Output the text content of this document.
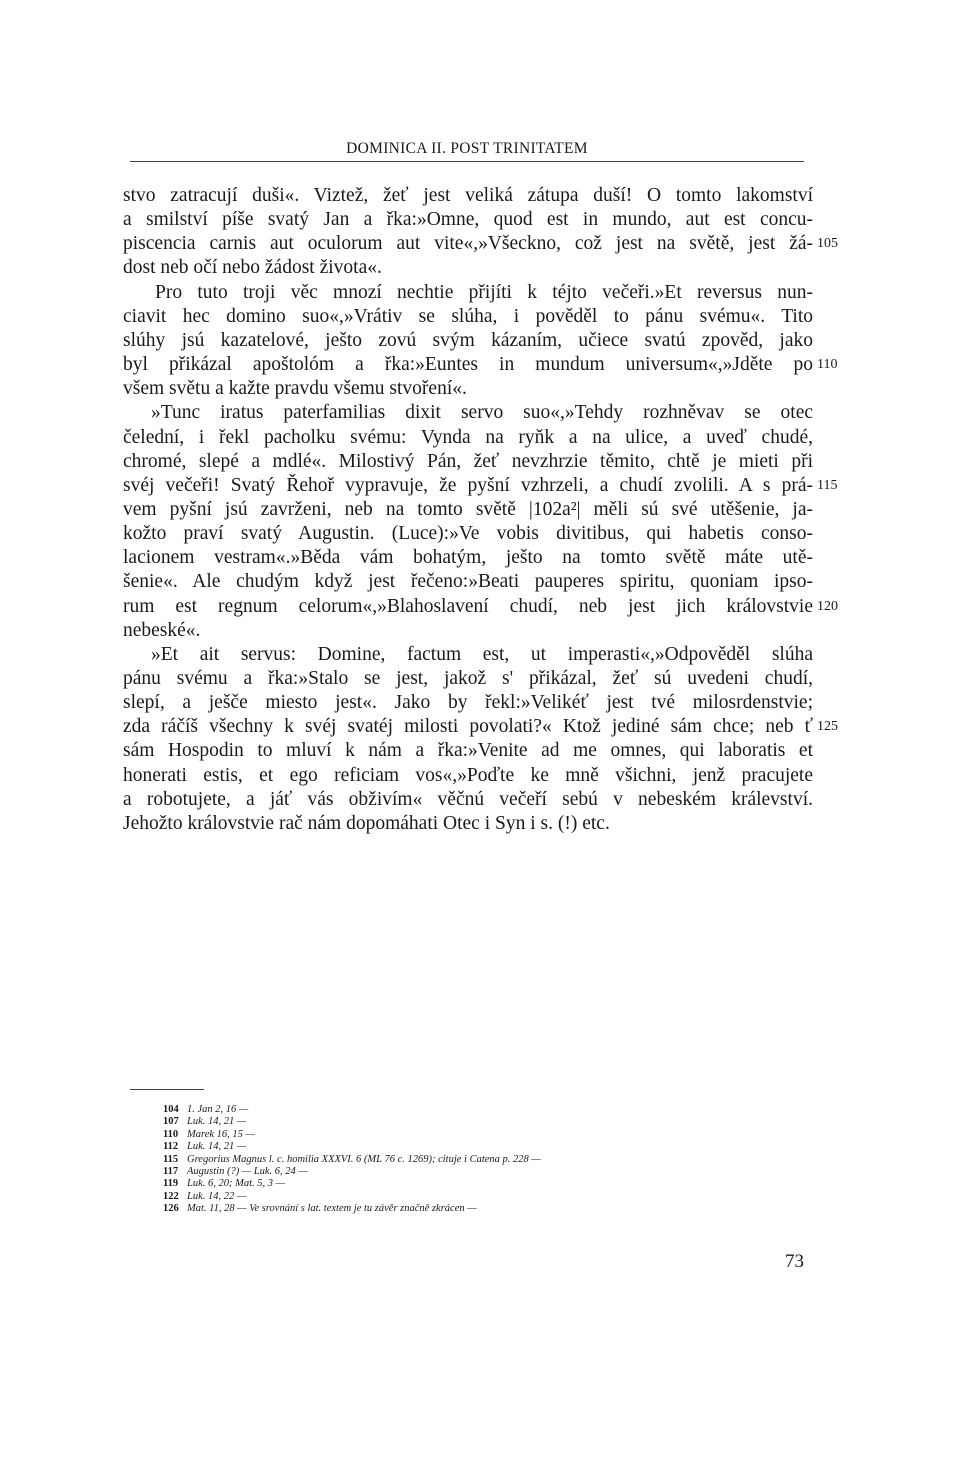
DOMINICA II. POST TRINITATEM
stvo zatracují duši«. Viztež, žeť jest veliká zátupa duší! O tomto lakomství
a smilství píše svatý Jan a řka:»Omne, quod est in mundo, aut est concu-
piscencia carnis aut oculorum aut vite«,»Všeckno, což jest na světě, jest žá-
dost neb očí nebo žádost života«.
Pro tuto troji věc mnozí nechtie přijíti k téjto večeři.»Et reversus nun-
ciavit hec domino suo«,»Vrátiv se slúha, i pověděl to pánu svému«. Tito
slúhy jsú kazatelové, ješto zovú svým kázaním, učiece svatú zpověd, jako
byl přikázal apoštolóm a řka:»Euntes in mundum universum«,»Jděte po
všem světu a kažte pravdu všemu stvoření«.
»Tunc iratus paterfamilias dixit servo suo«,»Tehdy rozhněvav se otec
čelední, i řekl pacholku svému: Vynda na ryňk a na ulice, a uveď chudé,
chromé, slepé a mdlé«. Milostivý Pán, žeť nevzhrzie těmito, chtě je mieti při
svéj večeři! Svatý Řehoř vypravuje, že pyšní vzhrzeli, a chudí zvolili. A s prá-
vem pyšní jsú zavrženi, neb na tomto světě |102a²| měli sú své utěšenie, ja-
kožto praví svatý Augustin. (Luce):»Ve vobis divitibus, qui habetis conso-
lacionem vestram«.»Běda vám bohatým, ješto na tomto světě máte utě-
šenie«. Ale chudým když jest řečeno:»Beati pauperes spiritu, quoniam ipso-
rum est regnum celorum«,»Blahoslavení chudí, neb jest jich královstvie
nebeské«.
»Et ait servus: Domine, factum est, ut imperasti«,»Odpověděl slúha
pánu svému a řka:»Stalo se jest, jakož s' přikázal, žeť sú uvedeni chudí,
slepí, a ješče miesto jest«. Jako by řekl:»Velikéť jest tvé milosrdenstvie;
zda ráčíš všechny k svéj svatéj milosti povolati?« Ktož jediné sám chce; neb ť
sám Hospodin to mluví k nám a řka:»Venite ad me omnes, qui laboratis et
honerati estis, et ego reficiam vos«,»Poďte ke mně všichni, jenž pracujete
a robotujete, a jáť vás obživím« věčnú večeří sebú v nebeském králevství.
Jehožto královstvie rač nám dopomáhati Otec i Syn i s. (!) etc.
105
110
115
120
125
104 1. Jan 2, 16 —
107 Luk. 14, 21 —
110 Marek 16, 15 —
112 Luk. 14, 21 —
115 Gregorius Magnus l. c. homilia XXXVI. 6 (ML 76 c. 1269); cituje i Catena p. 228 —
117 Augustin (?) — Luk. 6, 24 —
119 Luk. 6, 20; Mat. 5, 3 —
122 Luk. 14, 22 —
126 Mat. 11, 28 — Ve srovnání s lat. textem je tu závěr značně zkrácen —
73
